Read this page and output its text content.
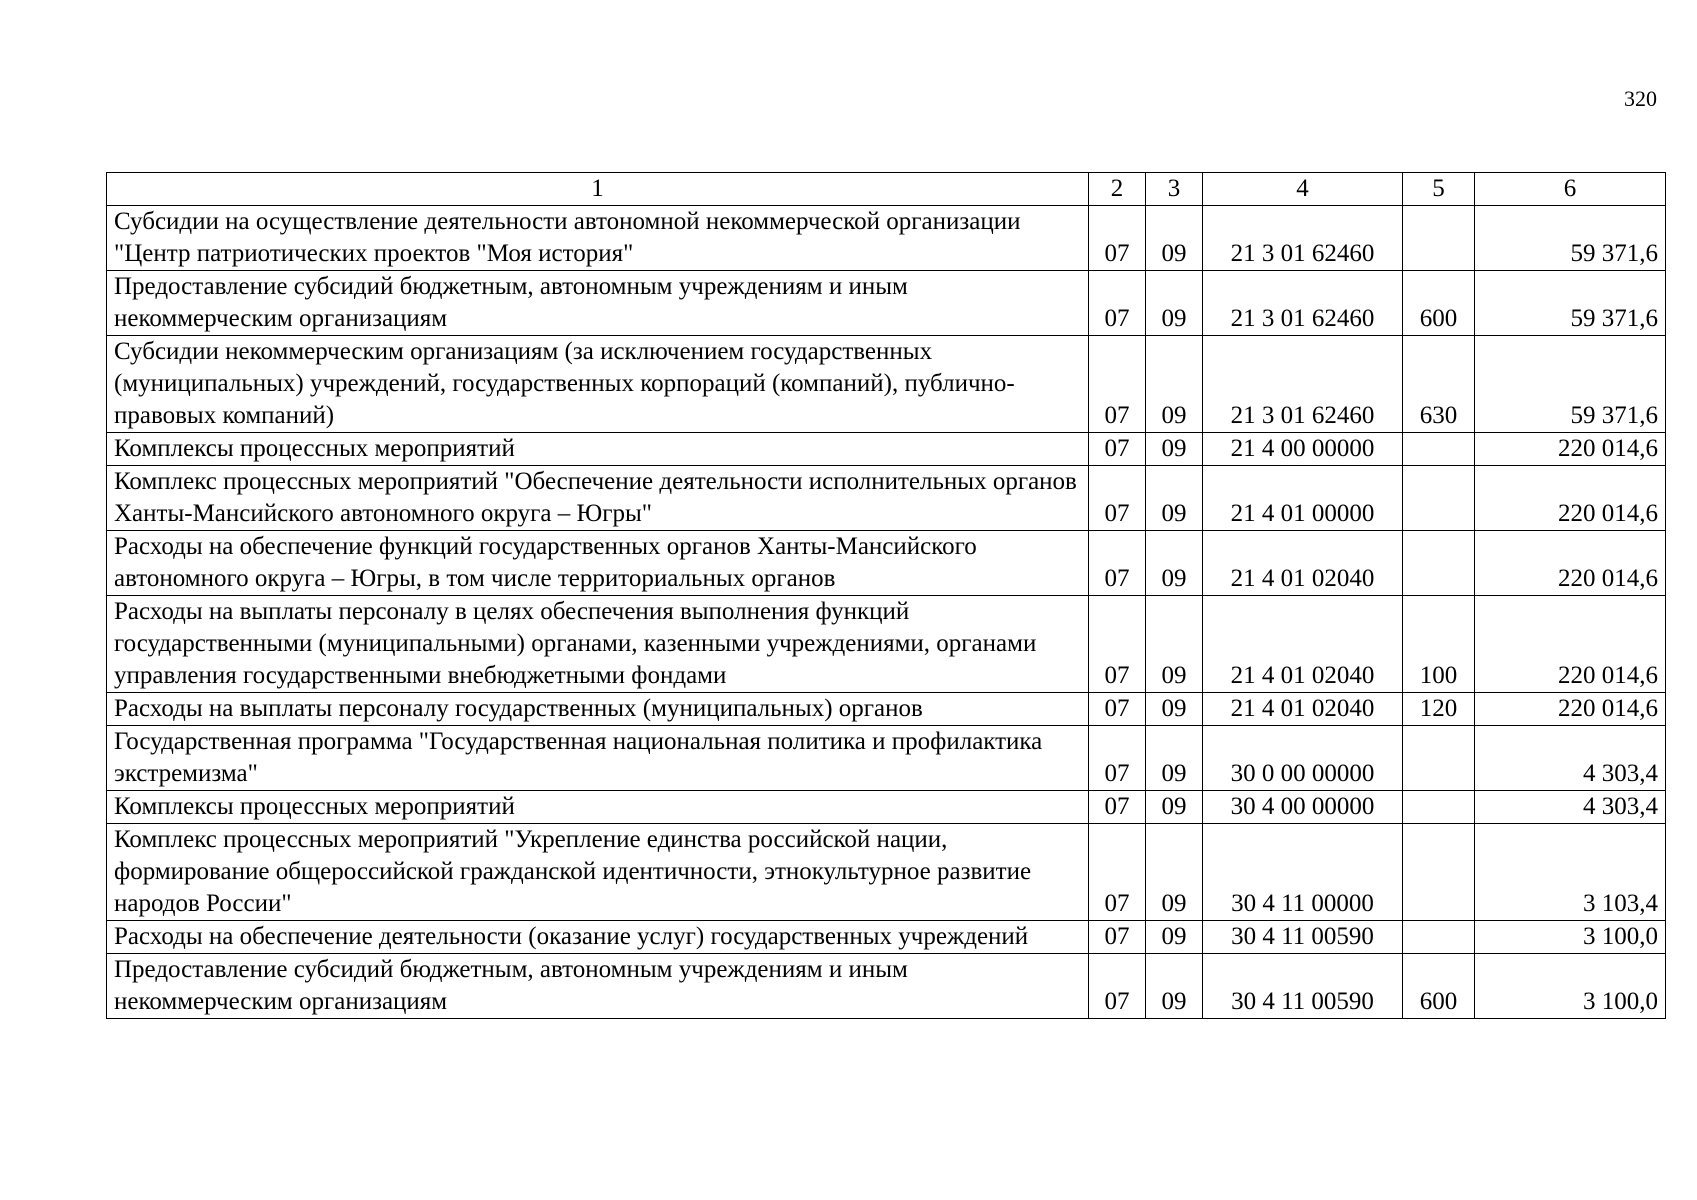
320
1	2	3	4	5	6
Субсидии на осуществление деятельности автономной некоммерческой организации "Центр патриотических проектов "Моя история"	07	09	21 3 01 62460		59 371,6
Предоставление субсидий бюджетным, автономным учреждениям и иным некоммерческим организациям	07	09	21 3 01 62460	600	59 371,6
Субсидии некоммерческим организациям (за исключением государственных (муниципальных) учреждений, государственных корпораций (компаний), публично-правовых компаний)	07	09	21 3 01 62460	630	59 371,6
Комплексы процессных мероприятий	07	09	21 4 00 00000		220 014,6
Комплекс процессных мероприятий "Обеспечение деятельности исполнительных органов Ханты-Мансийского автономного округа – Югры"	07	09	21 4 01 00000		220 014,6
Расходы на обеспечение функций государственных органов Ханты-Мансийского автономного округа – Югры, в том числе территориальных органов	07	09	21 4 01 02040		220 014,6
Расходы на выплаты персоналу в целях обеспечения выполнения функций государственными (муниципальными) органами, казенными учреждениями, органами управления государственными внебюджетными фондами	07	09	21 4 01 02040	100	220 014,6
Расходы на выплаты персоналу государственных (муниципальных) органов	07	09	21 4 01 02040	120	220 014,6
Государственная программа "Государственная национальная политика и профилактика экстремизма"	07	09	30 0 00 00000		4 303,4
Комплексы процессных мероприятий	07	09	30 4 00 00000		4 303,4
Комплекс процессных мероприятий "Укрепление единства российской нации, формирование общероссийской гражданской идентичности, этнокультурное развитие народов России"	07	09	30 4 11 00000		3 103,4
Расходы на обеспечение деятельности (оказание услуг) государственных учреждений	07	09	30 4 11 00590		3 100,0
Предоставление субсидий бюджетным, автономным учреждениям и иным некоммерческим организациям	07	09	30 4 11 00590	600	3 100,0
